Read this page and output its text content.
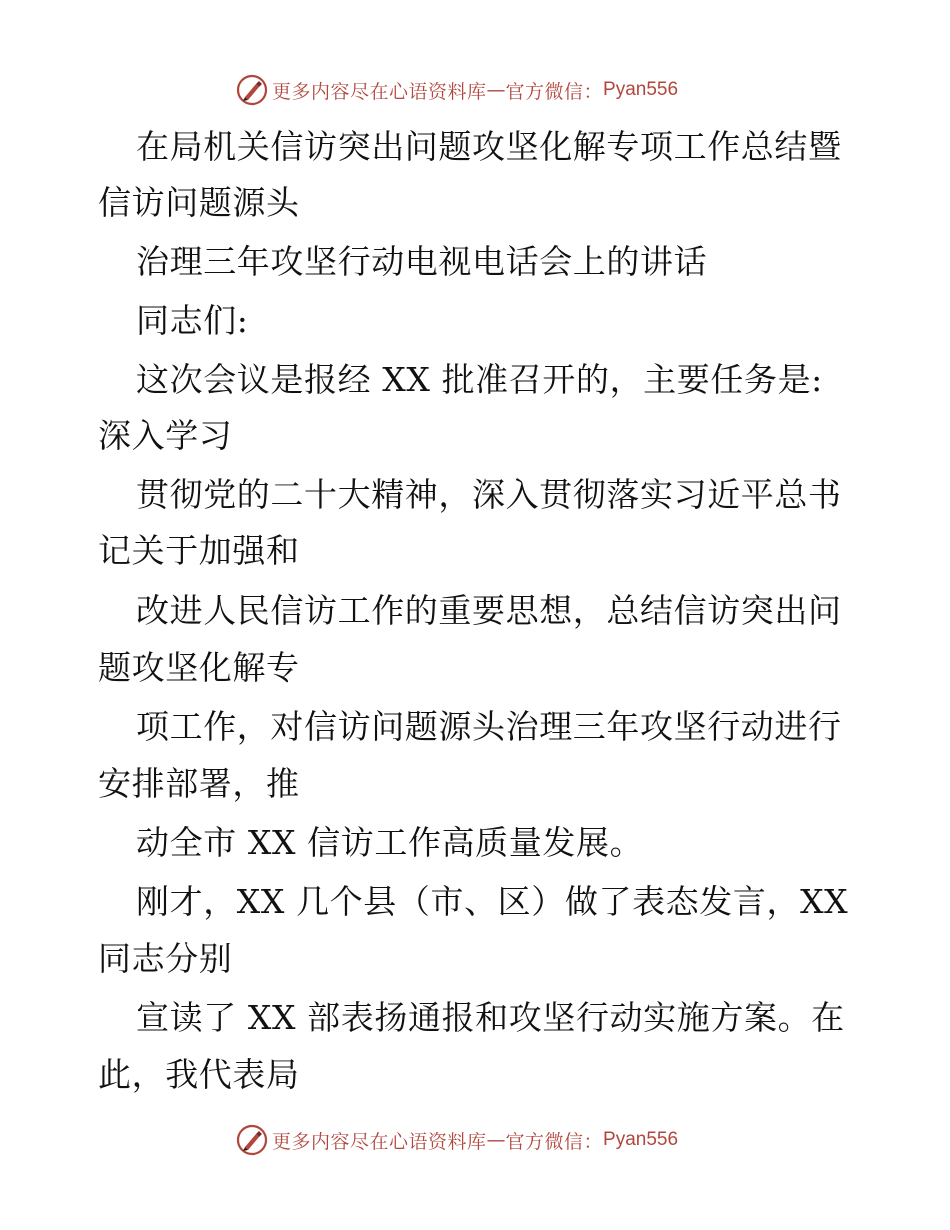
更多内容尽在心语资料库 — 官方微信： Pyan556
在局机关信访突出问题攻坚化解专项工作总结暨
信访问题源头
治理三年攻坚行动电视电话会上的讲话
同志们:
这次会议是报经 XX 批准召开的，主要任务是:
深入学习
贯彻党的二十大精神，深入贯彻落实习近平总书
记关于加强和
改进人民信访工作的重要思想，总结信访突出问
题攻坚化解专
项工作，对信访问题源头治理三年攻坚行动进行
安排部署，推
动全市 XX 信访工作高质量发展。
刚才，XX 几个县（市、区）做了表态发言，XX
同志分别
宣读了 XX 部表扬通报和攻坚行动实施方案。在
此，我代表局
更多内容尽在心语资料库 — 官方微信： Pyan556
